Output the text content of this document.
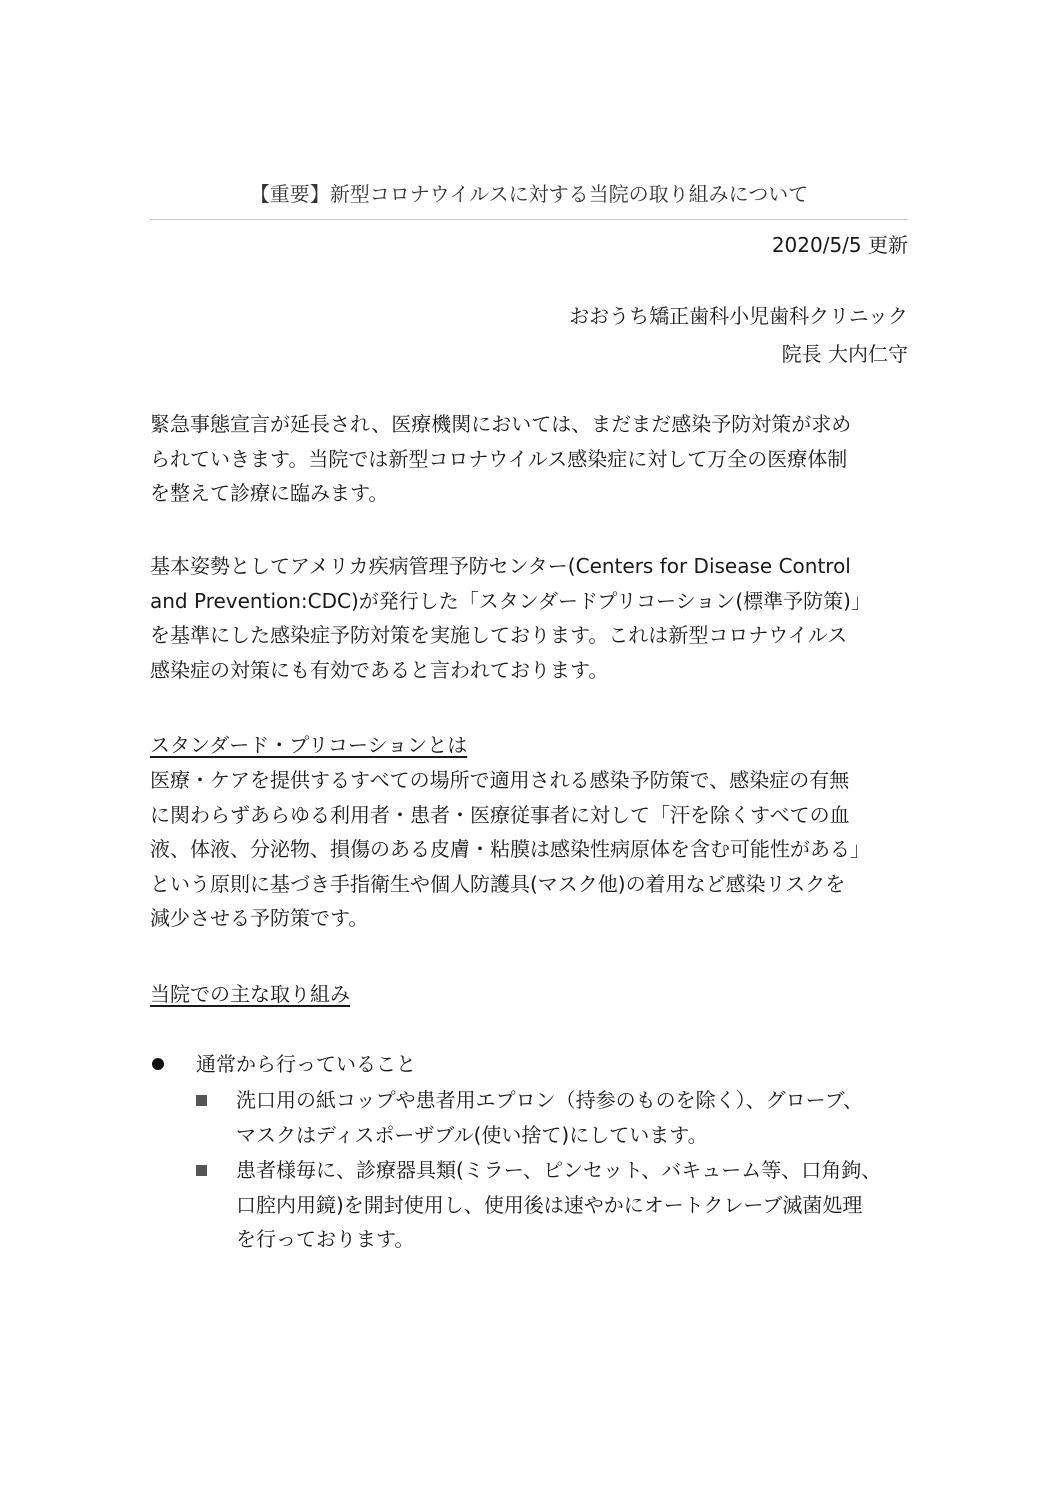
【重要】新型コロナウイルスに対する当院の取り組みについて
2020/5/5 更新
おおうち矯正歯科小児歯科クリニック
院長 大内仁守
緊急事態宣言が延長され、医療機関においては、まだまだ感染予防対策が求め
られていきます。当院では新型コロナウイルス感染症に対して万全の医療体制
を整えて診療に臨みます。
基本姿勢としてアメリカ疾病管理予防センター(Centers for Disease Control
and Prevention:CDC)が発行した「スタンダードプリコーション(標準予防策)」
を基準にした感染症予防対策を実施しております。これは新型コロナウイルス
感染症の対策にも有効であると言われております。
スタンダード・プリコーションとは
医療・ケアを提供するすべての場所で適用される感染予防策で、感染症の有無
に関わらずあらゆる利用者・患者・医療従事者に対して「汗を除くすべての血
液、体液、分泌物、損傷のある皮膚・粘膜は感染性病原体を含む可能性がある」
という原則に基づき手指衛生や個人防護具(マスク他)の着用など感染リスクを
減少させる予防策です。
当院での主な取り組み
通常から行っていること
洗口用の紙コップや患者用エプロン（持参のものを除く）、グローブ、
マスクはディスポーザブル(使い捨て)にしています。
患者様毎に、診療器具類(ミラー、ピンセット、バキューム等、口角鉤、
口腔内用鏡)を開封使用し、使用後は速やかにオートクレーブ滅菌処理
を行っております。
